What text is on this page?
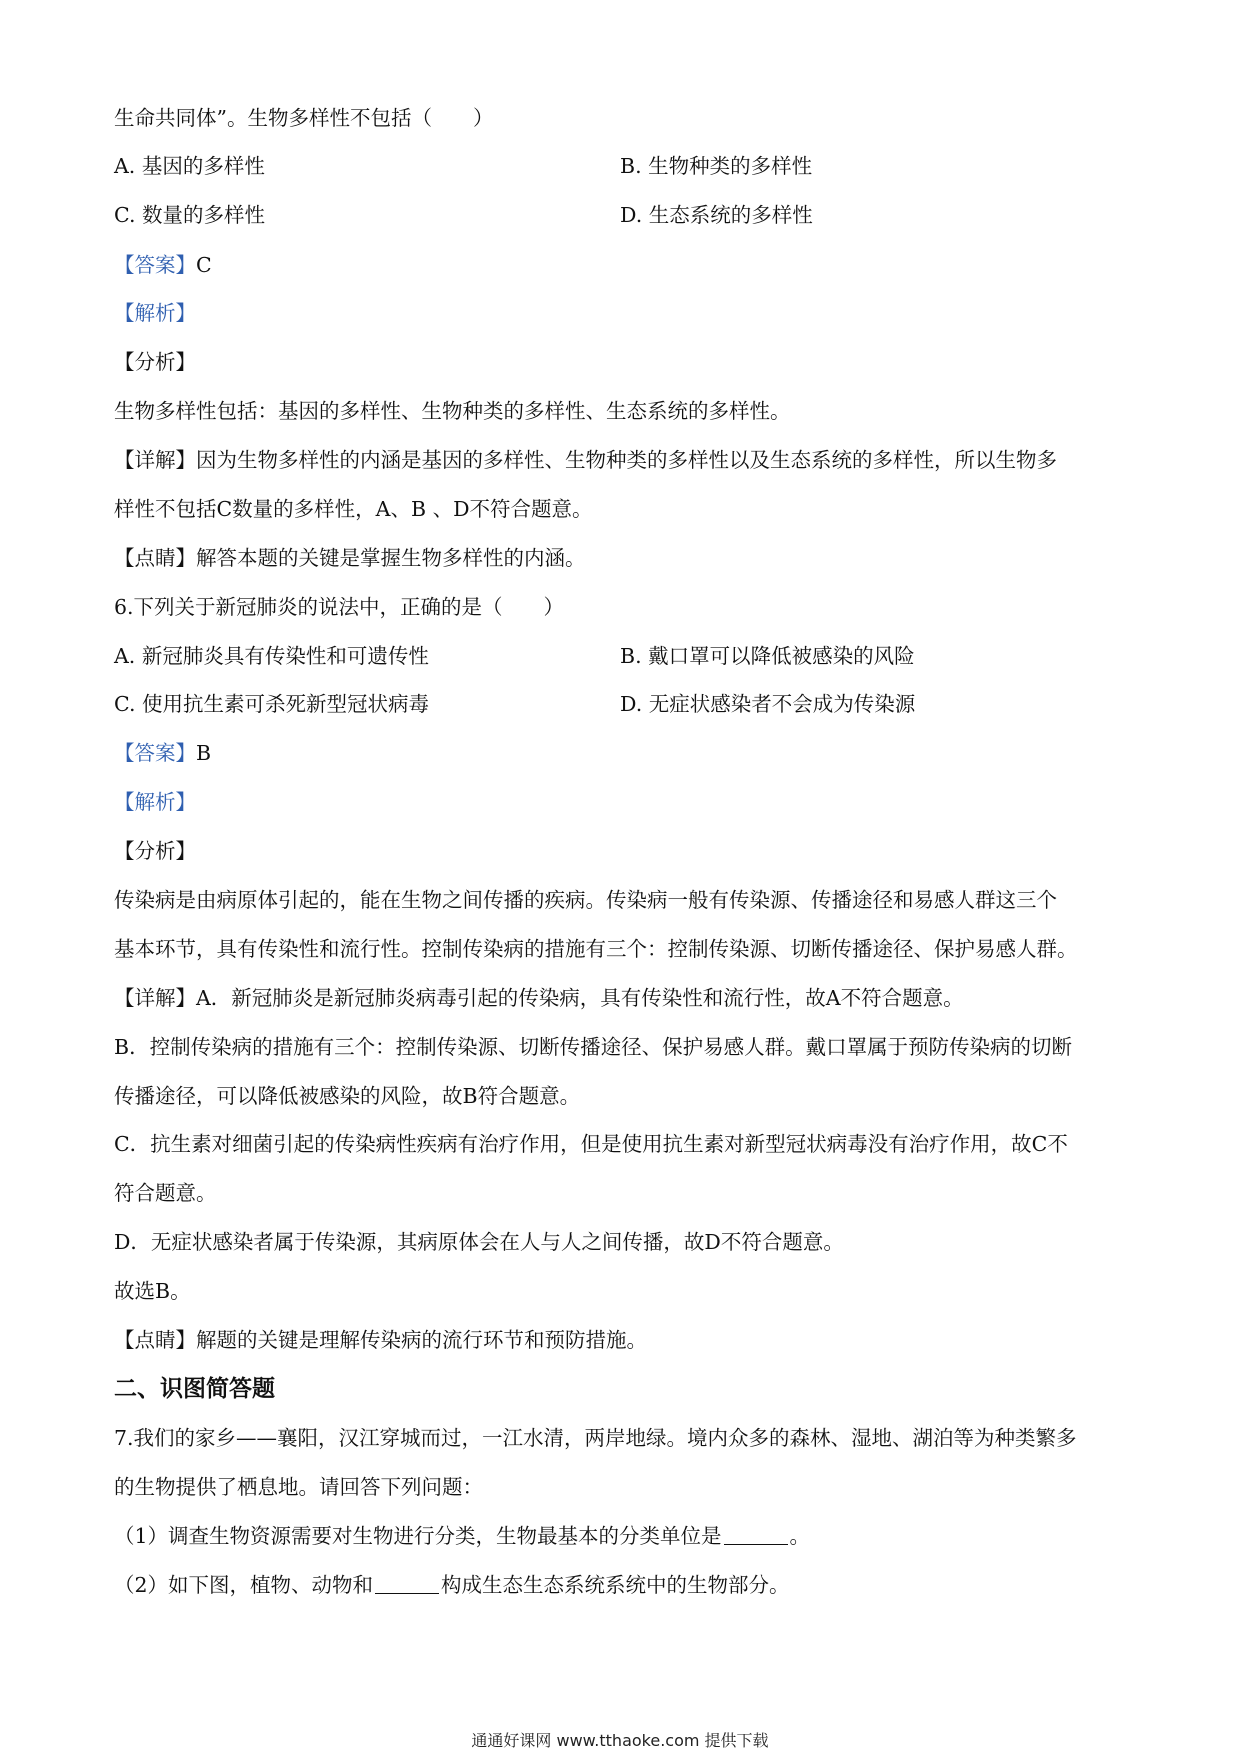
生命共同体”。生物多样性不包括（　　）
A. 基因的多样性	B. 生物种类的多样性
C. 数量的多样性	D. 生态系统的多样性
【答案】C
【解析】
【分析】
生物多样性包括：基因的多样性、生物种类的多样性、生态系统的多样性。
【详解】因为生物多样性的内涵是基因的多样性、生物种类的多样性以及生态系统的多样性，所以生物多
样性不包括C数量的多样性，A、B 、D不符合题意。
【点睛】解答本题的关键是掌握生物多样性的内涵。
6.下列关于新冠肺炎的说法中，正确的是（　　）
A. 新冠肺炎具有传染性和可遗传性	B. 戴口罩可以降低被感染的风险
C. 使用抗生素可杀死新型冠状病毒	D. 无症状感染者不会成为传染源
【答案】B
【解析】
【分析】
传染病是由病原体引起的，能在生物之间传播的疾病。传染病一般有传染源、传播途径和易感人群这三个
基本环节，具有传染性和流行性。控制传染病的措施有三个：控制传染源、切断传播途径、保护易感人群。
【详解】A．新冠肺炎是新冠肺炎病毒引起的传染病，具有传染性和流行性，故A不符合题意。
B．控制传染病的措施有三个：控制传染源、切断传播途径、保护易感人群。戴口罩属于预防传染病的切断
传播途径，可以降低被感染的风险，故B符合题意。
C．抗生素对细菌引起的传染病性疾病有治疗作用，但是使用抗生素对新型冠状病毒没有治疗作用，故C不
符合题意。
D．无症状感染者属于传染源，其病原体会在人与人之间传播，故D不符合题意。
故选B。
【点睛】解题的关键是理解传染病的流行环节和预防措施。
二、识图简答题
7.我们的家乡——襄阳，汉江穿城而过，一江水清，两岸地绿。境内众多的森林、湿地、湖泊等为种类繁多
的生物提供了栖息地。请回答下列问题：
（1）调查生物资源需要对生物进行分类，生物最基本的分类单位是	。
（2）如下图，植物、动物和	构成生态生态系统系统中的生物部分。
通通好课网 www.tthaoke.com 提供下载
